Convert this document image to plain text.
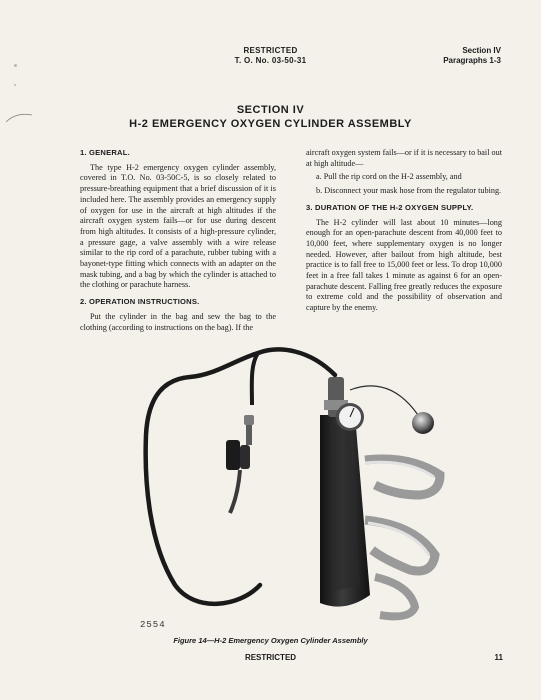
RESTRICTED
T. O. No. 03-50-31
Section IV
Paragraphs 1-3
SECTION IV
H-2 EMERGENCY OXYGEN CYLINDER ASSEMBLY
1. GENERAL.

The type H-2 emergency oxygen cylinder assembly, covered in T.O. No. 03-50C-5, is so closely related to pressure-breathing equipment that a brief discussion of it is included here. The assembly provides an emergency supply of oxygen for use in the aircraft at high altitudes if the aircraft oxygen system fails—or for use during descent from high altitudes. It consists of a high-pressure cylinder, a pressure gage, a valve assembly with a wire release similar to the rip cord of a parachute, rubber tubing with a bayonet-type fitting which connects with an adapter on the mask tubing, and a bag by which the cylinder is attached to the clothing or parachute harness.

2. OPERATION INSTRUCTIONS.

Put the cylinder in the bag and sew the bag to the clothing (according to instructions on the bag). If the

aircraft oxygen system fails—or if it is necessary to bail out at high altitude—

a. Pull the rip cord on the H-2 assembly, and

b. Disconnect your mask hose from the regulator tubing.

3. DURATION OF THE H-2 OXYGEN SUPPLY.

The H-2 cylinder will last about 10 minutes—long enough for an open-parachute descent from 40,000 feet to 10,000 feet, where supplementary oxygen is no longer needed. However, after bailout from high altitude, best practice is to fall free to 15,000 feet or less. To drop 10,000 feet in a free fall takes 1 minute as against 6 for an open-parachute descent. Falling free greatly reduces the exposure to extreme cold and the possibility of observation and capture by the enemy.

2554
Figure 14—H-2 Emergency Oxygen Cylinder Assembly
RESTRICTED	11
